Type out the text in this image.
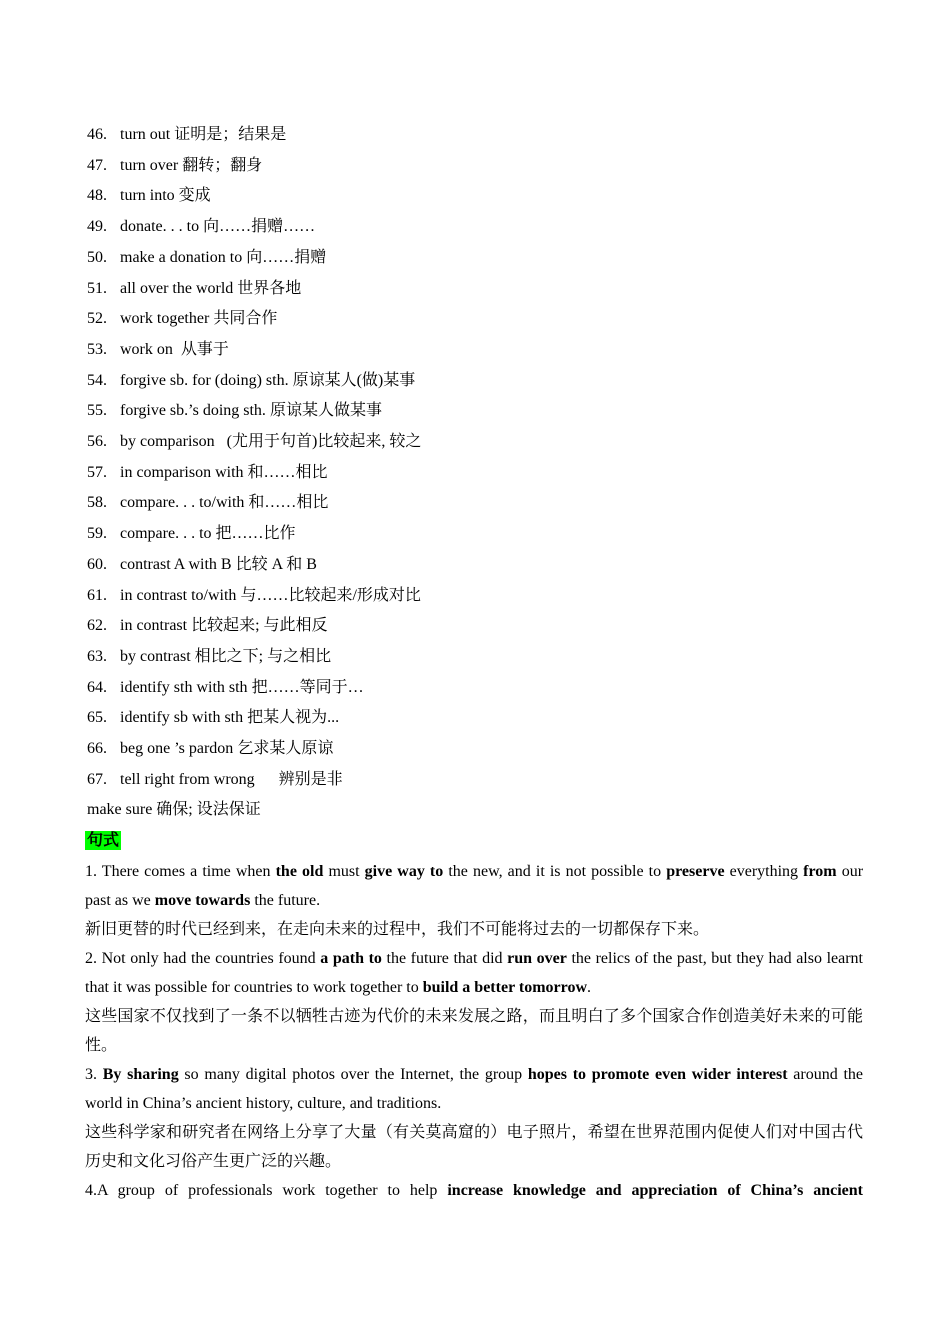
46. turn out 证明是；结果是
47. turn over 翻转；翻身
48. turn into 变成
49. donate. . . to 向……捐赠……
50. make a donation to 向……捐赠
51. all over the world 世界各地
52. work together 共同合作
53. work on 从事于
54. forgive sb. for (doing) sth. 原谅某人(做)某事
55. forgive sb.’s doing sth. 原谅某人做某事
56. by comparison (尤用于句首)比较起来, 较之
57. in comparison with 和……相比
58. compare. . . to/with 和……相比
59. compare. . . to 把……比作
60. contrast A with B 比较 A 和 B
61. in contrast to/with 与……比较起来/形成对比
62. in contrast 比较起来; 与此相反
63. by contrast 相比之下; 与之相比
64. identify sth with sth 把……等同于…
65. identify sb with sth 把某人视为...
66. beg one ’s pardon 乞求某人原谅
67. tell right from wrong 辨别是非
make sure 确保; 设法保证
句式

1. There comes a time when the old must give way to the new, and it is not possible to preserve everything from our past as we move towards the future.

新旧更替的时代已经到来，在走向未来的过程中，我们不可能将过去的一切都保存下来。

2. Not only had the countries found a path to the future that did run over the relics of the past, but they had also learnt that it was possible for countries to work together to build a better tomorrow.

这些国家不仅找到了一条不以牺牲古迹为代价的未来发展之路，而且明白了多个国家合作创造美好未来的可能性。

3. By sharing so many digital photos over the Internet, the group hopes to promote even wider interest around the world in China’s ancient history, culture, and traditions.

这些科学家和研究者在网络上分享了大量（有关莫高窟的）电子照片，希望在世界范围内促使人们对中国古代历史和文化习俗产生更广泛的兴趣。

4.A group of professionals work together to help increase knowledge and appreciation of China’s ancient
